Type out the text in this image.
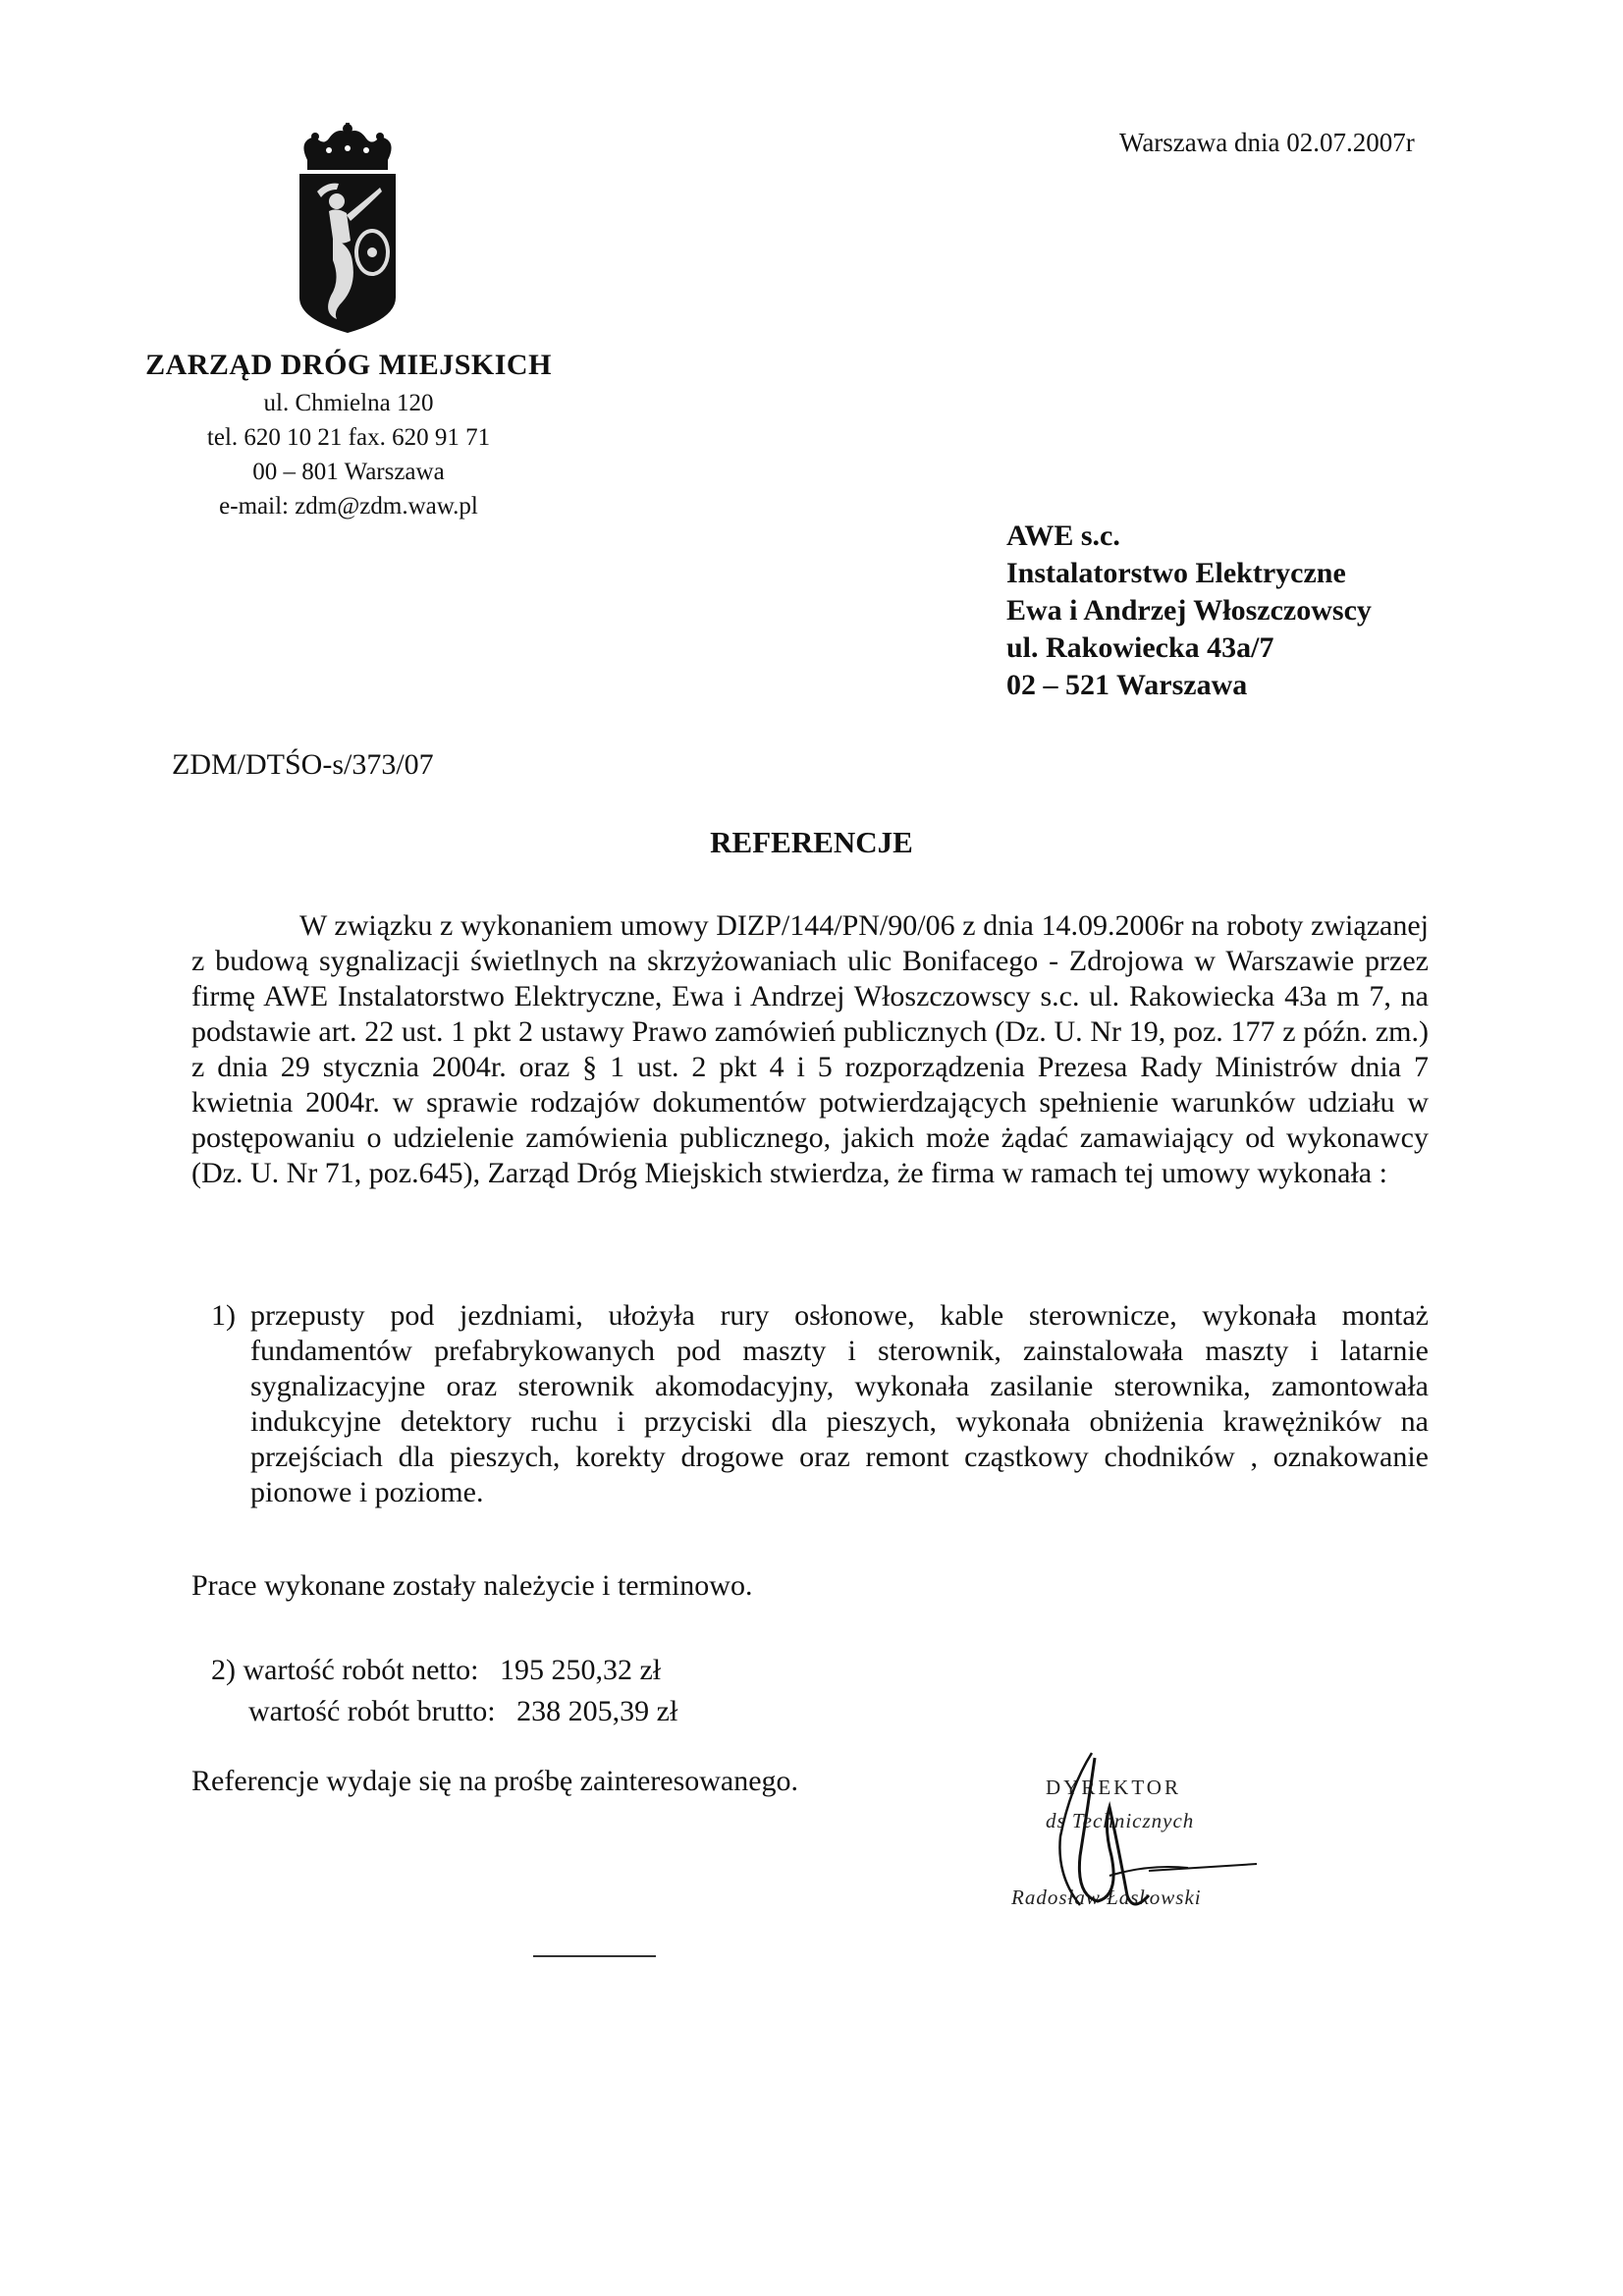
Warszawa dnia 02.07.2007r
ZARZĄD DRÓG MIEJSKICH
ul. Chmielna 120
tel. 620 10 21 fax. 620 91 71
00 – 801 Warszawa
e-mail: zdm@zdm.waw.pl
AWE s.c.
Instalatorstwo Elektryczne
Ewa i Andrzej Włoszczowscy
ul. Rakowiecka 43a/7
02 – 521 Warszawa
ZDM/DTŚO-s/373/07
REFERENCJE

W związku z wykonaniem umowy DIZP/144/PN/90/06 z dnia 14.09.2006r na roboty związanej z budową sygnalizacji świetlnych na skrzyżowaniach ulic Bonifacego - Zdrojowa w Warszawie przez firmę AWE Instalatorstwo Elektryczne, Ewa i Andrzej Włoszczowscy s.c. ul. Rakowiecka 43a m 7, na podstawie art. 22 ust. 1 pkt 2 ustawy Prawo zamówień publicznych (Dz. U. Nr 19, poz. 177 z późn. zm.) z dnia 29 stycznia 2004r. oraz § 1 ust. 2 pkt 4 i 5 rozporządzenia Prezesa Rady Ministrów dnia 7 kwietnia 2004r. w sprawie rodzajów dokumentów potwierdzających spełnienie warunków udziału w postępowaniu o udzielenie zamówienia publicznego, jakich może żądać zamawiający od wykonawcy (Dz. U. Nr 71, poz.645), Zarząd Dróg Miejskich stwierdza, że firma w ramach tej umowy wykonała :

1) przepusty pod jezdniami, ułożyła rury osłonowe, kable sterownicze, wykonała montaż fundamentów prefabrykowanych pod maszty i sterownik, zainstalowała maszty i latarnie sygnalizacyjne oraz sterownik akomodacyjny, wykonała zasilanie sterownika, zamontowała indukcyjne detektory ruchu i przyciski dla pieszych, wykonała obniżenia krawężników na przejściach dla pieszych, korekty drogowe oraz remont cząstkowy chodników , oznakowanie pionowe i poziome.
Prace wykonane zostały należycie i terminowo.
2) wartość robót netto: 195 250,32 zł
wartość robót brutto: 238 205,39 zł
Referencje wydaje się na prośbę zainteresowanego.	DYREKTOR
ds Technicznych
Radosław Łaskowski
